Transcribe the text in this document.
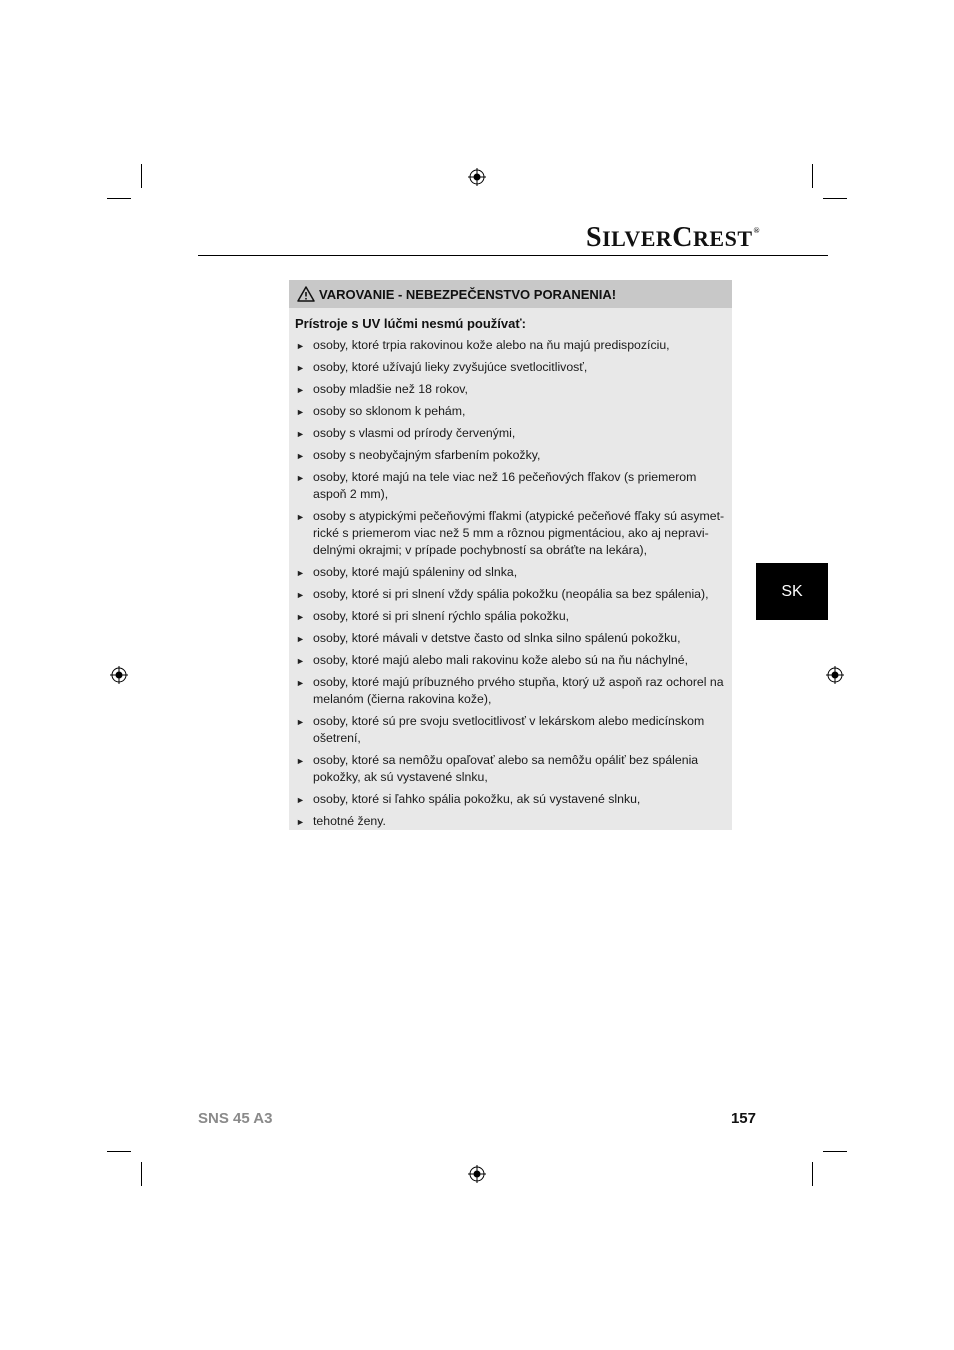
SILVERCREST®
VAROVANIE - NEBEZPEČENSTVO PORANENIA!
Prístroje s UV lúčmi nesmú používať:
► osoby, ktoré trpia rakovinou kože alebo na ňu majú predispozíciu,
► osoby, ktoré užívajú lieky zvyšujúce svetlocitlivosť,
► osoby mladšie než 18 rokov,
► osoby so sklonom k pehám,
► osoby s vlasmi od prírody červenými,
► osoby s neobyčajným sfarbením pokožky,
► osoby, ktoré majú na tele viac než 16 pečeňových fľakov (s priemerom aspoň 2 mm),
► osoby s atypickými pečeňovými fľakmi (atypické pečeňové fľaky sú asymet-rické s priemerom viac než 5 mm a rôznou pigmentáciou, ako aj nepravi-delnými okrajmi; v prípade pochybností sa obráťte na lekára),
► osoby, ktoré majú spáleniny od slnka,
► osoby, ktoré si pri slnení vždy spália pokožku (neopália sa bez spálenia),
► osoby, ktoré si pri slnení rýchlo spália pokožku,
► osoby, ktoré mávali v detstve často od slnka silno spálenú pokožku,
► osoby, ktoré majú alebo mali rakovinu kože alebo sú na ňu náchylné,
► osoby, ktoré majú príbuzného prvého stupňa, ktorý už aspoň raz ochorel na melanóm (čierna rakovina kože),
► osoby, ktoré sú pre svoju svetlocitlivosť v lekárskom alebo medicínskom ošetrení,
► osoby, ktoré sa nemôžu opaľovať alebo sa nemôžu opáliť bez spálenia pokožky, ak sú vystavené slnku,
► osoby, ktoré si ľahko spália pokožku, ak sú vystavené slnku,
► tehotné ženy.
SK
SNS 45 A3	157
